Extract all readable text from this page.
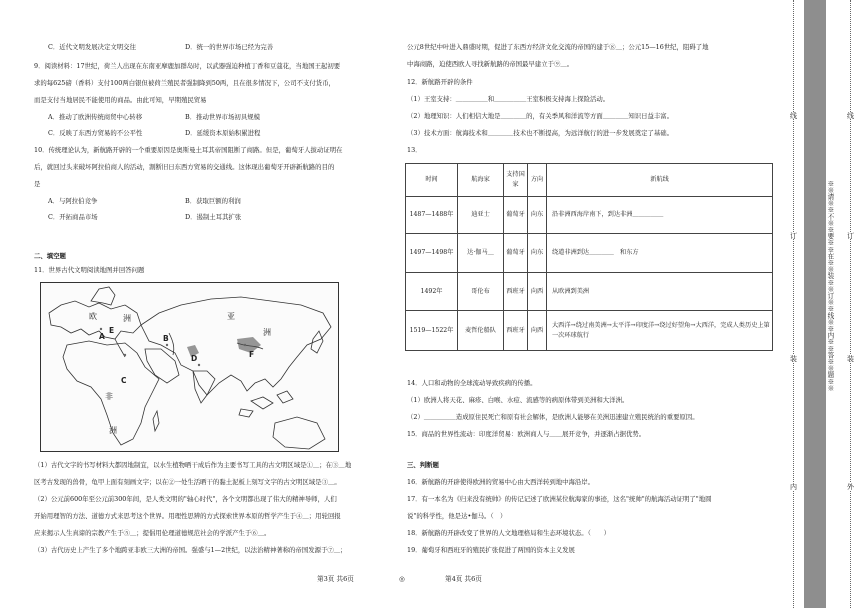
C．近代文明发展决定文明交往	D．统一的世界市场已经为完善
9．阅读材料：17世纪，荷兰人出现在东南亚摩鹿加群岛时，以武器强迫种植丁香和豆蔻花，当地国王起初要
求的每625磅（香料）支付100两白银但被荷兰殖民者强制降到50两，且在很多情况下，公司不支付货币，
而是支付当地居民不能使用的商品。由此可知，早期殖民贸易
A．推动了欧洲传统商贸中心转移	B．推动世界市场初具规模
C．反映了东西方贸易的不公平性	D．延缓资本原始积累进程
10．传统理论认为，新航路开辟的一个重要原因是奥斯曼土耳其帝国阻断了商路。但是，葡萄牙人拔动证明在
后，就回过头来破坏阿拉伯商人的活动，割断旧日东西方贸易的交通线。这体现出葡萄牙开辟新航路的目的
是
A．与阿拉伯竞争	B．获取巨额的利润
C．开拓商品市场	D．遏制土耳其扩张
二、填空题
11．世界古代文明阅读地图并回答问题
欧	洲	亚
洲
非
洲
A	B
C
D
E
F
（1）古代文字的书写材料大都因地制宜，以水生植物晒干成后作为主要书写工具的古文明区域是①＿；在③＿地
区考古发现的兽骨，龟甲上面有刻画文字；以在②一处生活晒干的黏土泥板上刻写文字的古文明区域是③＿。
（2）公元前600年至公元前300年间，是人类文明的"轴心时代"，各个文明都出现了伟大的精神导师，人们
开始用理智的方法、道德方式来思考这个世界。用理性思辨的方式探索世界本原的哲学产生于④＿；用轮回报
应来揭示人生真谛的宗教产生于⑤＿；提倡用伦理道德规范社会的学派产生于⑥＿。
（3）古代历史上产生了多个地跨亚非欧三大洲的帝国。强盛与1—2世纪，以法治精神著称的帝国发源于⑦＿；
公元8世纪中叶进入鼎盛时期，促进了东西方经济文化交流的帝国的建于⑧＿；公元15—16世纪，阻碍了地
中海商路，迫使西欧人寻找新航路的帝国最早建立于⑨＿。
12．新航路开辟的条件
（1）王室支持：＿＿＿＿＿和＿＿＿＿＿王室积极支持海上探险活动。
（2）地理知识：人们相信大地是＿＿＿＿的，有关季风和洋流等方面＿＿＿＿知识日益丰富。
（3）技术方面：航海技术和＿＿＿＿技术也不断提高，为远洋航行的进一步发展奠定了基础。
13．
时间	航海家	支持国家	方向	新航线
1487—1488年	迪亚士	葡萄牙	向东	沿非洲西海岸南下，到达非洲＿＿＿＿＿
1497—1498年	达·伽马＿	葡萄牙	向东	绕道非洲到达＿＿＿＿　和东方
1492年	哥伦布	西班牙	向西	从欧洲到美洲
1519—1522年	麦哲伦船队	西班牙	向西	大西洋→绕过南美洲→太平洋→印度洋→绕过好望角→大西洋，完成人类历史上第一次环球航行
14．人口和动物的全球流动导致疾病的传播。
（1）欧洲人将天花、麻疹、白喉、水痘、流感等的病原体带到美洲和大洋洲。
（2）＿＿＿＿＿造成原住民死亡和原有社会解体，是欧洲人能够在美洲迅速建立殖民统治的重要原因。
15．商品的世界性流动：印度洋贸易：欧洲商人与＿＿展开竞争，并逐渐占据优势。
三、判断题
16．新航路的开辟使得欧洲的贸易中心由大西洋转到地中海沿岸。
17．有一本名为《归来没有统帅》的传记记述了欧洲某位航海家的事迹，这名"统帅"的航海活动证明了"地圆
说"的科学性，他是达•伽马。（　）
18．新航路的开辟改变了世界的人文地理格局和生态环境状态。（　　）
19．葡萄牙和西班牙的殖民扩张促进了两国的资本主义发展
第3页 共6页	◎	第4页 共6页
线
订
装
内
※※请※※不※※要※※在※※装※※订※※线※※内※※答※※题※※
线
订
装
外
